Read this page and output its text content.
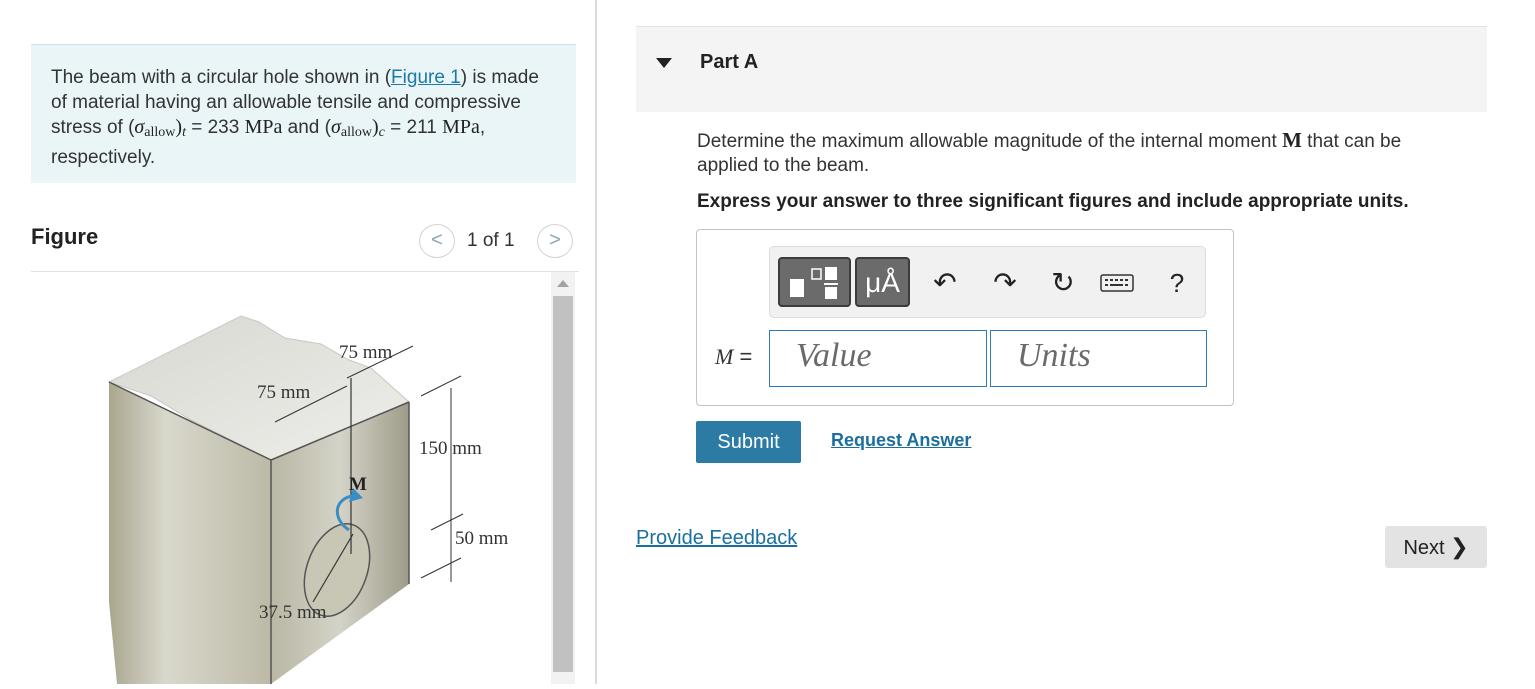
The beam with a circular hole shown in (Figure 1) is made of material having an allowable tensile and compressive stress of $(\sigma_{allow})_t = 233$ MPa and $(\sigma_{allow})_c = 211$ MPa, respectively.
Figure	<	1 of 1	>
75 mm
75 mm
150 mm
50 mm
37.5 mm
M
Part A
Determine the maximum allowable magnitude of the internal moment M that can be applied to the beam.
Express your answer to three significant figures and include appropriate units.
μÅ	↶ ↷ ↻	?
M =	Value	Units
Submit	Request Answer
Provide Feedback	Next ❯
